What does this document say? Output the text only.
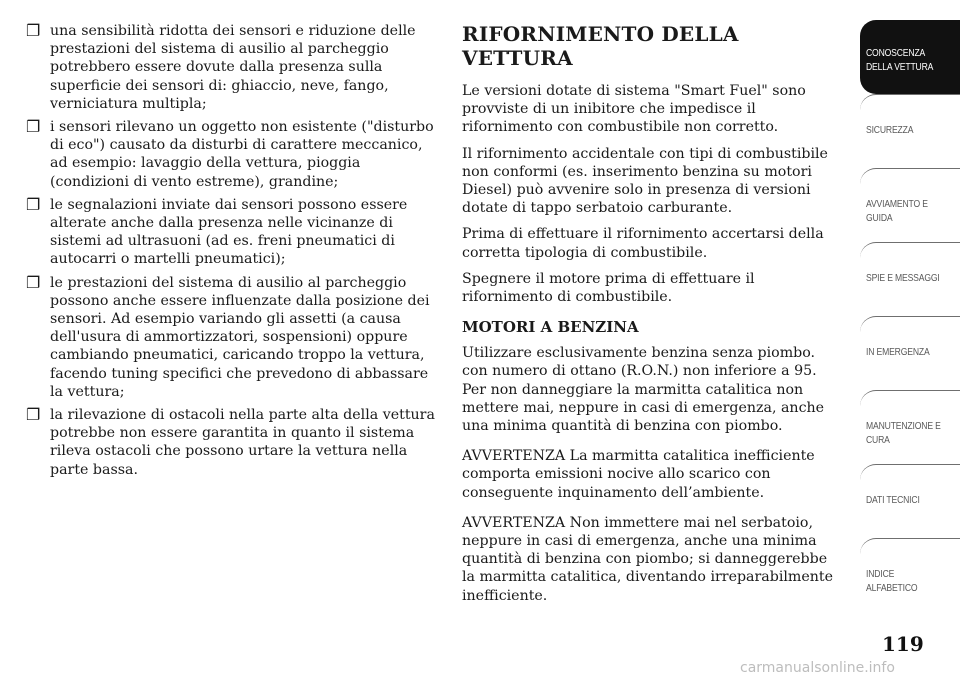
❐ una sensibilità ridotta dei sensori e riduzione delle prestazioni del sistema di ausilio al parcheggio potrebbero essere dovute dalla presenza sulla superficie dei sensori di: ghiaccio, neve, fango, verniciatura multipla;
❐ i sensori rilevano un oggetto non esistente ("disturbo di eco") causato da disturbi di carattere meccanico, ad esempio: lavaggio della vettura, pioggia (condizioni di vento estreme), grandine;
❐ le segnalazioni inviate dai sensori possono essere alterate anche dalla presenza nelle vicinanze di sistemi ad ultrasuoni (ad es. freni pneumatici di autocarri o martelli pneumatici);
❐ le prestazioni del sistema di ausilio al parcheggio possono anche essere influenzate dalla posizione dei sensori. Ad esempio variando gli assetti (a causa dell'usura di ammortizzatori, sospensioni) oppure cambiando pneumatici, caricando troppo la vettura, facendo tuning specifici che prevedono di abbassare la vettura;
❐ la rilevazione di ostacoli nella parte alta della vettura potrebbe non essere garantita in quanto il sistema rileva ostacoli che possono urtare la vettura nella parte bassa.
RIFORNIMENTO DELLA VETTURA

Le versioni dotate di sistema "Smart Fuel" sono provviste di un inibitore che impedisce il rifornimento con combustibile non corretto.

Il rifornimento accidentale con tipi di combustibile non conformi (es. inserimento benzina su motori Diesel) può avvenire solo in presenza di versioni dotate di tappo serbatoio carburante.

Prima di effettuare il rifornimento accertarsi della corretta tipologia di combustibile.

Spegnere il motore prima di effettuare il rifornimento di combustibile.

MOTORI A BENZINA

Utilizzare esclusivamente benzina senza piombo. con numero di ottano (R.O.N.) non inferiore a 95. Per non danneggiare la marmitta catalitica non mettere mai, neppure in casi di emergenza, anche una minima quantità di benzina con piombo.

AVVERTENZA La marmitta catalitica inefficiente comporta emissioni nocive allo scarico con conseguente inquinamento dell’ambiente.

AVVERTENZA Non immettere mai nel serbatoio, neppure in casi di emergenza, anche una minima quantità di benzina con piombo; si danneggerebbe la marmitta catalitica, diventando irreparabilmente inefficiente.

CONOSCENZA
DELLA VETTURA
SICUREZZA
AVVIAMENTO E
GUIDA
SPIE E MESSAGGI
IN EMERGENZA
MANUTENZIONE E
CURA
DATI TECNICI
INDICE
ALFABETICO
119
carmanualsonline.info
